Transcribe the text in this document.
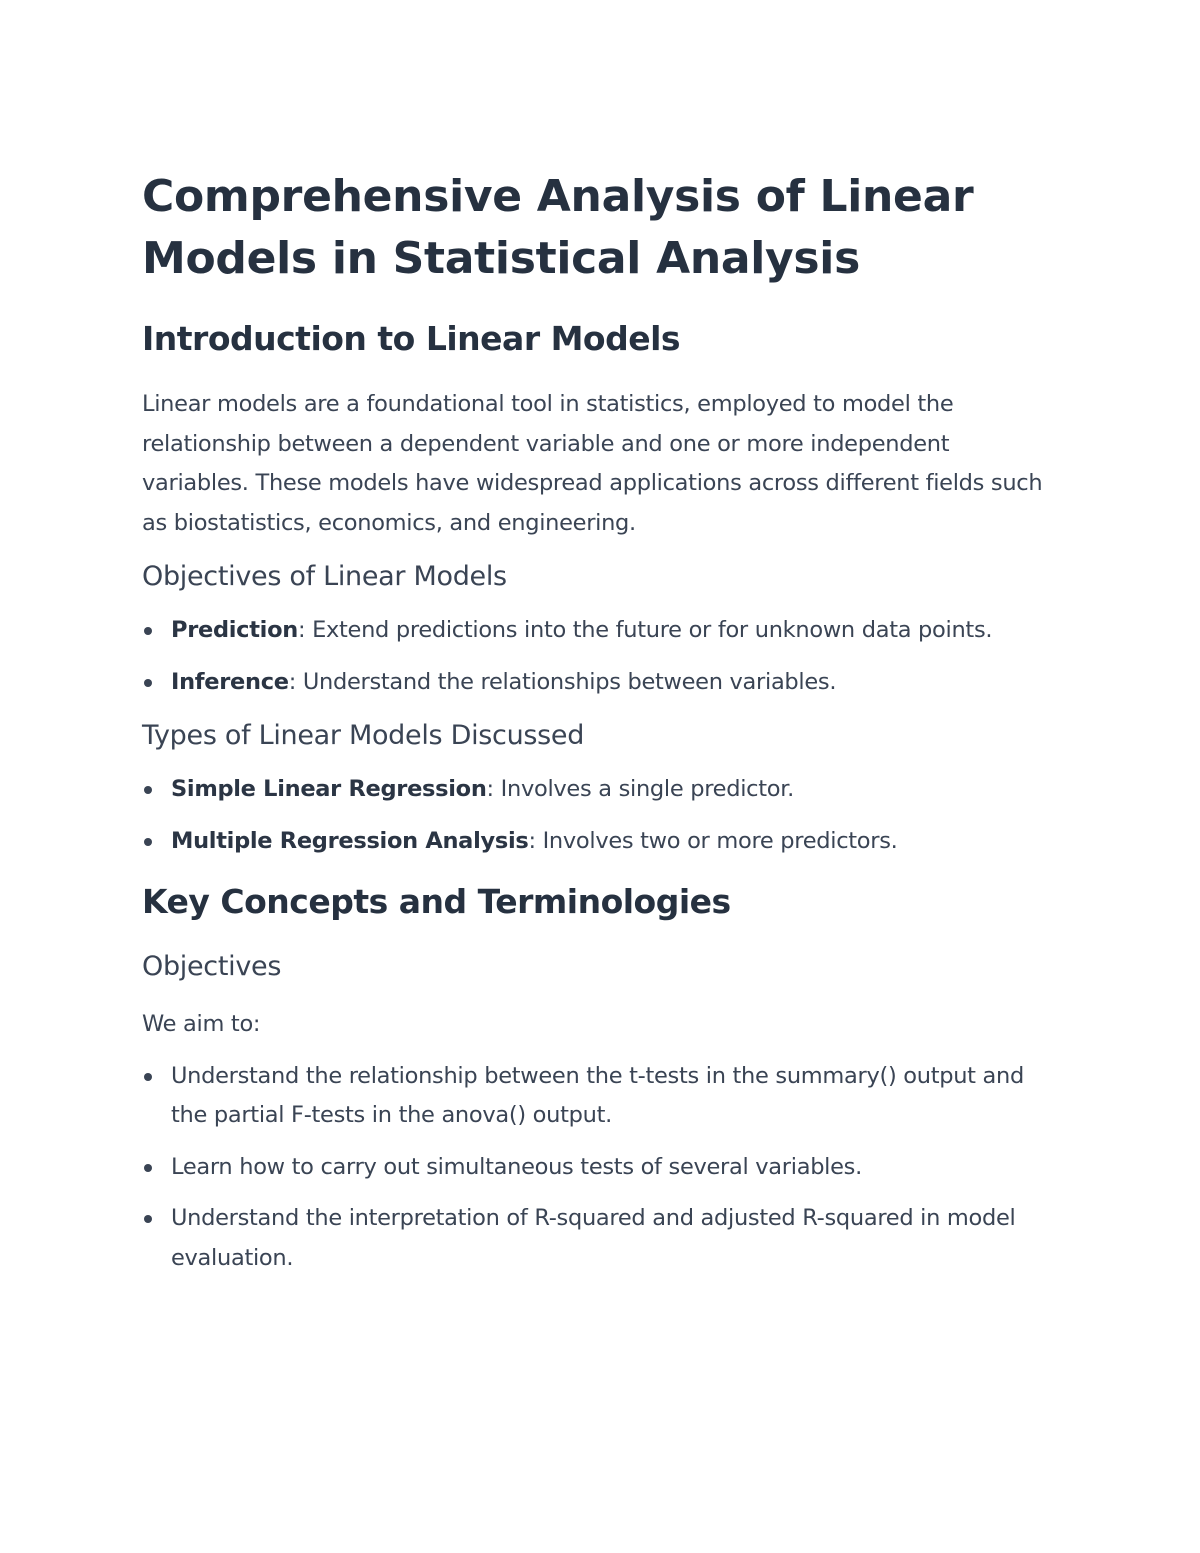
Comprehensive Analysis of Linear Models in Statistical Analysis
Introduction to Linear Models

Linear models are a foundational tool in statistics, employed to model the relationship between a dependent variable and one or more independent variables. These models have widespread applications across different fields such as biostatistics, economics, and engineering.

Objectives of Linear Models
Prediction: Extend predictions into the future or for unknown data points.
Inference: Understand the relationships between variables.
Types of Linear Models Discussed
Simple Linear Regression: Involves a single predictor.
Multiple Regression Analysis: Involves two or more predictors.
Key Concepts and Terminologies
Objectives

We aim to:

Understand the relationship between the t-tests in the summary() output and the partial F-tests in the anova() output.
Learn how to carry out simultaneous tests of several variables.
Understand the interpretation of R-squared and adjusted R-squared in model evaluation.
